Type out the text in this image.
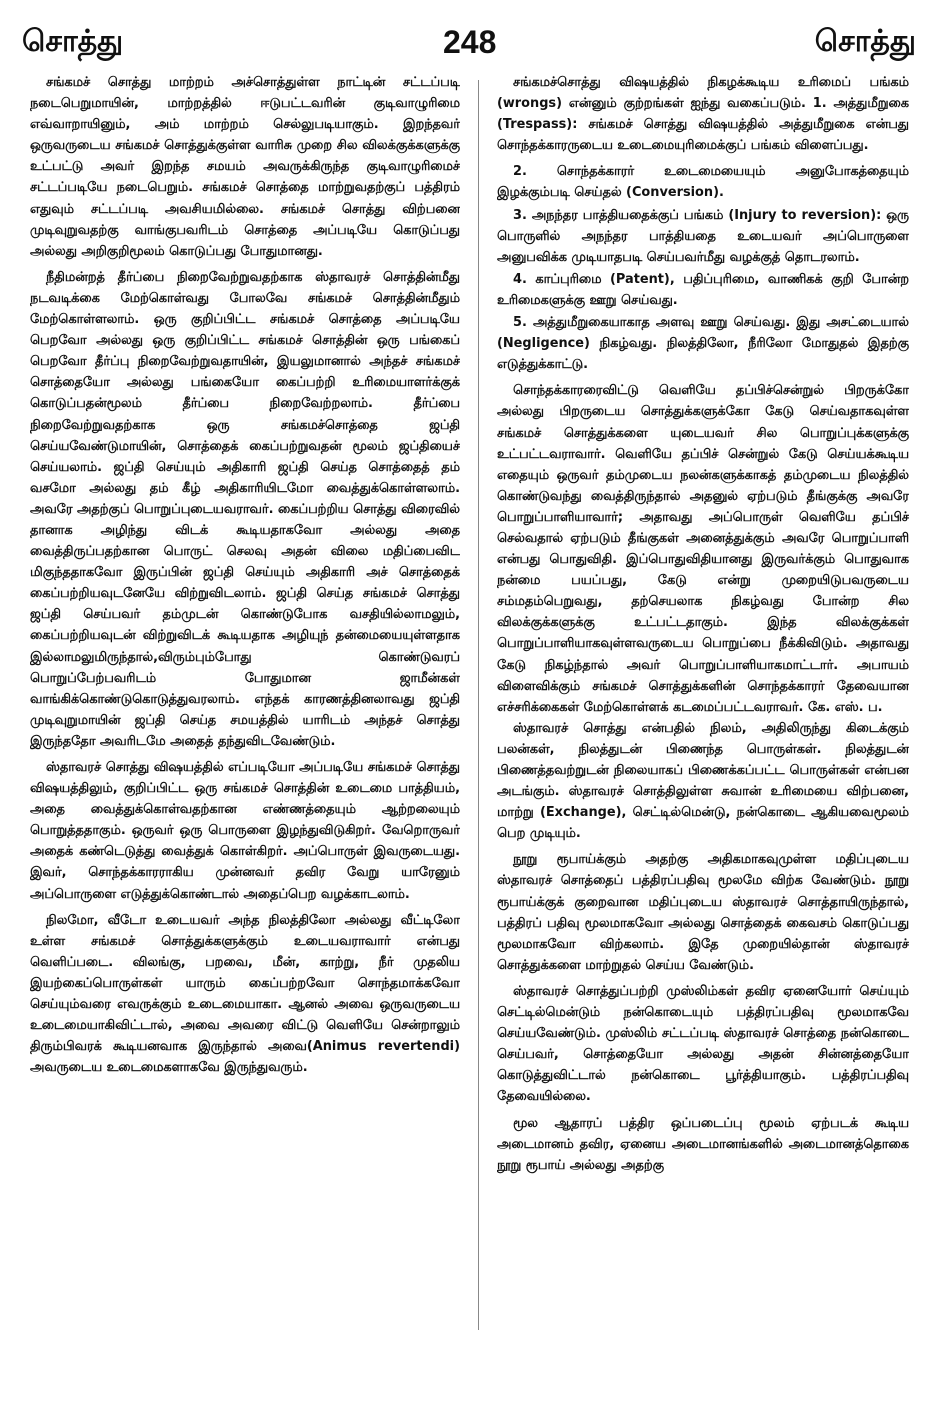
சொத்து	248	சொத்து

சங்கமச் சொத்து மாற்றம் அச்சொத்துள்ள நாட்டின் சட்டப்படி நடைபெறுமாயின், மாற்றத்தில் ஈடுபட்டவரின் குடிவாழுரிமை எவ்வாறாயினும், அம் மாற்றம் செல்லுபடியாகும். இறந்தவர் ஒருவருடைய சங்கமச் சொத்துக்குள்ள வாரிசு முறை சில விலக்குக்களுக்கு உட்பட்டு அவர் இறந்த சமயம் அவருக்கிருந்த குடிவாழுரிமைச் சட்டப்படியே நடைபெறும். சங்கமச் சொத்தை மாற்றுவதற்குப் பத்திரம் எதுவும் சட்டப்படி அவசியமில்லை. சங்கமச் சொத்து விற்பனை முடிவுறுவதற்கு வாங்குபவரிடம் சொத்தை அப்படியே கொடுப்பது அல்லது அறிகுறிமூலம் கொடுப்பது போதுமானது.

நீதிமன்றத் தீர்ப்பை நிறைவேற்றுவதற்காக ஸ்தாவரச் சொத்தின்மீது நடவடிக்கை மேற்கொள்வது போலவே சங்கமச் சொத்தின்மீதும் மேற்கொள்ளலாம். ஒரு குறிப்பிட்ட சங்கமச் சொத்தை அப்படியே பெறவோ அல்லது ஒரு குறிப்பிட்ட சங்கமச் சொத்தின் ஒரு பங்கைப் பெறவோ தீர்ப்பு நிறைவேற்றுவதாயின், இயலுமானால் அந்தச் சங்கமச் சொத்தையோ அல்லது பங்கையோ கைப்பற்றி உரிமையாளர்க்குக் கொடுப்பதன்மூலம் தீர்ப்பை நிறைவேற்றலாம். தீர்ப்பை நிறைவேற்றுவதற்காக ஒரு சங்கமச்சொத்தை ஜப்தி செய்யவேண்டுமாயின், சொத்தைக் கைப்பற்றுவதன் மூலம் ஜப்தியைச் செய்யலாம். ஜப்தி செய்யும் அதிகாரி ஜப்தி செய்த சொத்தைத் தம் வசமோ அல்லது தம் கீழ் அதிகாரியிடமோ வைத்துக்கொள்ளலாம். அவரே அதற்குப் பொறுப்புடையவராவர். கைப்பற்றிய சொத்து விரைவில் தானாக அழிந்து விடக் கூடியதாகவோ அல்லது அதை வைத்திருப்பதற்கான பொருட் செலவு அதன் விலை மதிப்பைவிட மிகுந்ததாகவோ இருப்பின் ஜப்தி செய்யும் அதிகாரி அச் சொத்தைக் கைப்பற்றியவுடனேயே விற்றுவிடலாம். ஜப்தி செய்த சங்கமச் சொத்து ஜப்தி செய்பவர் தம்முடன் கொண்டுபோக வசதியில்லாமலும், கைப்பற்றியவுடன் விற்றுவிடக் கூடியதாக அழியுந் தன்மையையுள்ளதாக இல்லாமலுமிருந்தால்,விரும்பும்போது கொண்டுவரப் பொறுப்பேற்பவரிடம் போதுமான ஜாமீன்கள் வாங்கிக்கொண்டுகொடுத்துவரலாம். எந்தக் காரணத்தினலாவது ஜப்தி முடிவுறுமாயின் ஜப்தி செய்த சமயத்தில் யாரிடம் அந்தச் சொத்து இருந்ததோ அவரிடமே அதைத் தந்துவிடவேண்டும்.

ஸ்தாவரச் சொத்து விஷயத்தில் எப்படியோ அப்படியே சங்கமச் சொத்து விஷயத்திலும், குறிப்பிட்ட ஒரு சங்கமச் சொத்தின் உடைமை பாத்தியம், அதை வைத்துக்கொள்வதற்கான எண்ணத்தையும் ஆற்றலையும் பொறுத்ததாகும். ஒருவர் ஒரு பொருளை இழந்துவிடுகிறர். வேறொருவர் அதைக் கண்டெடுத்து வைத்துக் கொள்கிறர். அப்பொருள் இவருடையது. இவர், சொந்தக்காரராகிய முன்னவர் தவிர வேறு யாரேனும் அப்பொருளை எடுத்துக்கொண்டால் அதைப்பெற வழக்காடலாம்.

நிலமோ, வீடோ உடையவர் அந்த நிலத்திலோ அல்லது வீட்டிலோ உள்ள சங்கமச் சொத்துக்களுக்கும் உடையவராவார் என்பது வெளிப்படை. விலங்கு, பறவை, மீன், காற்று, நீர் முதலிய இயற்கைப்பொருள்கள் யாரும் கைப்பற்றவோ சொந்தமாக்கவோ செய்யும்வரை எவருக்கும் உடைமையாகா. ஆனல் அவை ஒருவருடைய உடைமையாகிவிட்டால், அவை அவரை விட்டு வெளியே சென்றாலும் திரும்பிவரக் கூடியனவாக இருந்தால் அவை(Animus revertendi) அவருடைய உடைமைகளாகவே இருந்துவரும்.

சங்கமச்சொத்து விஷயத்தில் நிகழக்கூடிய உரிமைப் பங்கம் (wrongs) என்னும் குற்றங்கள் ஐந்து வகைப்படும். 1. அத்துமீறுகை (Trespass): சங்கமச் சொத்து விஷயத்தில் அத்துமீறுகை என்பது சொந்தக்காரருடைய உடைமையுரிமைக்குப் பங்கம் விளைப்பது.

2. சொந்தக்காரர் உடைமையையும் அனுபோகத்தையும் இழக்கும்படி செய்தல் (Conversion).

3. அநந்தர பாத்தியதைக்குப் பங்கம் (Injury to reversion): ஒரு பொருளில் அநந்தர பாத்தியதை உடையவர் அப்பொருளை அனுபவிக்க முடியாதபடி செய்பவர்மீது வழக்குத் தொடரலாம்.

4. காப்புரிமை (Patent), பதிப்புரிமை, வாணிகக் குறி போன்ற உரிமைகளுக்கு ஊறு செய்வது.

5. அத்துமீறுகையாகாத அளவு ஊறு செய்வது. இது அசட்டையால் (Negligence) நிகழ்வது. நிலத்திலோ, நீரிலோ மோதுதல் இதற்கு எடுத்துக்காட்டு.

சொந்தக்காரரைவிட்டு வெளியே தப்பிச்சென்றுல் பிறருக்கோ அல்லது பிறருடைய சொத்துக்களுக்கோ கேடு செய்வதாகவுள்ள சங்கமச் சொத்துக்களை யுடையவர் சில பொறுப்புக்களுக்கு உட்பட்டவராவார். வெளியே தப்பிச் சென்றுல் கேடு செய்யக்கூடிய எதையும் ஒருவர் தம்முடைய நலன்களுக்காகத் தம்முடைய நிலத்தில் கொண்டுவந்து வைத்திருந்தால் அதனுல் ஏற்படும் தீங்குக்கு அவரே பொறுப்பாளியாவார்; அதாவது அப்பொருள் வெளியே தப்பிச் செல்வதால் ஏற்படும் தீங்குகள் அனைத்துக்கும் அவரே பொறுப்பாளி என்பது பொதுவிதி. இப்பொதுவிதியானது இருவர்க்கும் பொதுவாக நன்மை பயப்பது, கேடு என்று முறையிடுபவருடைய சம்மதம்பெறுவது, தற்செயலாக நிகழ்வது போன்ற சில விலக்குக்களுக்கு உட்பட்டதாகும். இந்த விலக்குக்கள் பொறுப்பாளியாகவுள்ளவருடைய பொறுப்பை நீக்கிவிடும். அதாவது கேடு நிகழ்ந்தால் அவர் பொறுப்பாளியாகமாட்டார். அபாயம் விளைவிக்கும் சங்கமச் சொத்துக்களின் சொந்தக்காரர் தேவையான எச்சரிக்கைகள் மேற்கொள்ளக் கடமைப்பட்டவராவர். கே. எஸ். ப.

ஸ்தாவரச் சொத்து என்பதில் நிலம், அதிலிருந்து கிடைக்கும் பலன்கள், நிலத்துடன் பிணைந்த பொருள்கள். நிலத்துடன் பிணைத்தவற்றுடன் நிலையாகப் பிணைக்கப்பட்ட பொருள்கள் என்பன அடங்கும். ஸ்தாவரச் சொத்திலுள்ள சுவான் உரிமையை விற்பனை, மாற்று (Exchange), செட்டில்மென்டு, நன்கொடை ஆகியவைமூலம் பெற முடியும்.

நூறு ரூபாய்க்கும் அதற்கு அதிகமாகவுமுள்ள மதிப்புடைய ஸ்தாவரச் சொத்தைப் பத்திரப்பதிவு மூலமே விற்க வேண்டும். நூறு ரூபாய்க்குக் குறைவான மதிப்புடைய ஸ்தாவரச் சொத்தாயிருந்தால், பத்திரப் பதிவு மூலமாகவோ அல்லது சொத்தைக் கைவசம் கொடுப்பது மூலமாகவோ விற்கலாம். இதே முறையில்தான் ஸ்தாவரச் சொத்துக்களை மாற்றுதல் செய்ய வேண்டும்.

ஸ்தாவரச் சொத்துப்பற்றி முஸ்லிம்கள் தவிர ஏனையோர் செய்யும் செட்டில்மென்டும் நன்கொடையும் பத்திரப்பதிவு மூலமாகவே செய்யவேண்டும். முஸ்லிம் சட்டப்படி ஸ்தாவரச் சொத்தை நன்கொடை செய்பவர், சொத்தையோ அல்லது அதன் சின்னத்தையோ கொடுத்துவிட்டால் நன்கொடை பூர்த்தியாகும். பத்திரப்பதிவு தேவையில்லை.

மூல ஆதாரப் பத்திர ஒப்படைப்பு மூலம் ஏற்படக் கூடிய அடைமானம் தவிர, ஏனைய அடைமானங்களில் அடைமானத்தொகை நூறு ரூபாய் அல்லது அதற்கு
